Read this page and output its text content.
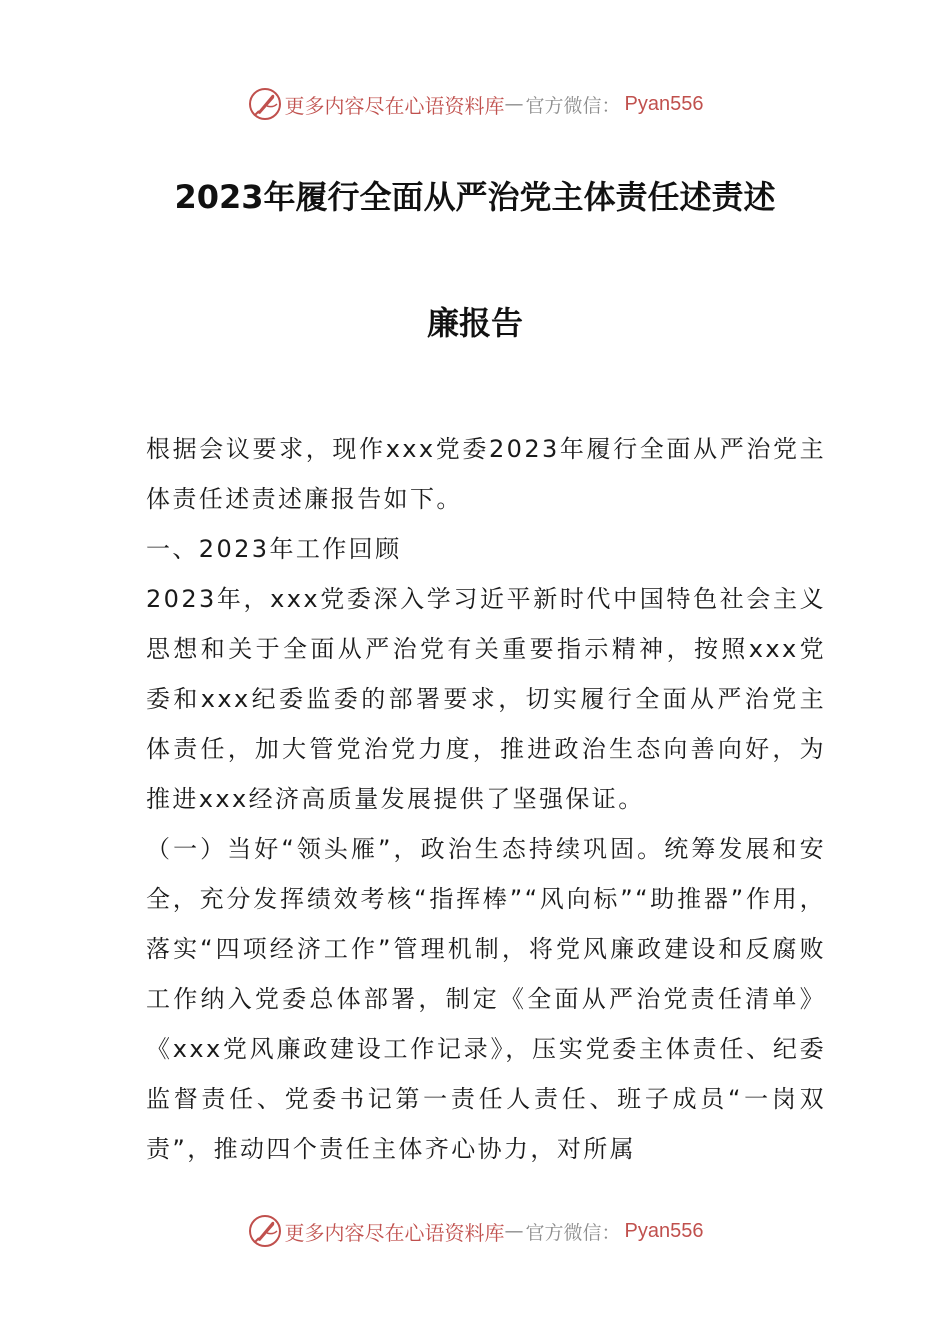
更多内容尽在心语资料库 — 官方微信： Pyan556
2023年履行全面从严治党主体责任述责述
廉报告

根据会议要求，现作xxx党委2023年履行全面从严治党主体责任述责述廉报告如下。

一、2023年工作回顾

2023年，xxx党委深入学习近平新时代中国特色社会主义思想和关于全面从严治党有关重要指示精神，按照xxx党委和xxx纪委监委的部署要求，切实履行全面从严治党主体责任，加大管党治党力度，推进政治生态向善向好，为推进xxx经济高质量发展提供了坚强保证。

（一）当好“领头雁”，政治生态持续巩固。统筹发展和安全，充分发挥绩效考核“指挥棒”“风向标”“助推器”作用，落实“四项经济工作”管理机制，将党风廉政建设和反腐败工作纳入党委总体部署，制定《全面从严治党责任清单》《xxx党风廉政建设工作记录》，压实党委主体责任、纪委监督责任、党委书记第一责任人责任、班子成员“一岗双责”，推动四个责任主体齐心协力，对所属

更多内容尽在心语资料库 — 官方微信： Pyan556
